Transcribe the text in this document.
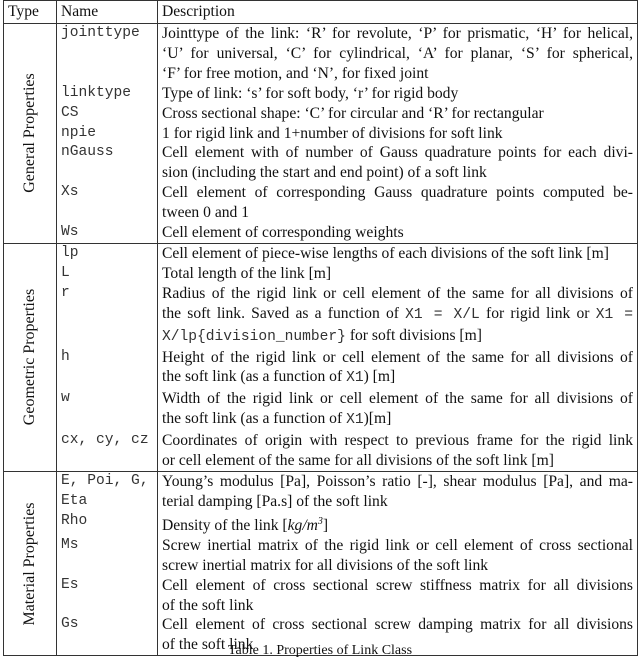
Type	Name	Description

General Properties	jointtype	Jointtype of the link: ‘R’ for revolute, ‘P’ for prismatic, ‘H’ for helical,
‘U’ for universal, ‘C’ for cylindrical, ‘A’ for planar, ‘S’ for spherical,
‘F’ for free motion, and ‘N’, for fixed joint

	linktype	Type of link: ‘s’ for soft body, ‘r’ for rigid body

	CS	Cross sectional shape: ‘C’ for circular and ‘R’ for rectangular

	npie	1 for rigid link and 1+number of divisions for soft link

	nGauss	Cell element with of number of Gauss quadrature points for each divi-
sion (including the start and end point) of a soft link

	Xs	Cell element of corresponding Gauss quadrature points computed be-
tween 0 and 1

	Ws	Cell element of corresponding weights

Geometric Properties	lp	Cell element of piece-wise lengths of each divisions of the soft link [m]

	L	Total length of the link [m]

	r	Radius of the rigid link or cell element of the same for all divisions of
the soft link. Saved as a function of X1 = X/L for rigid link or X1 =
X/lp{division_number} for soft divisions [m]

	h	Height of the rigid link or cell element of the same for all divisions of
the soft link (as a function of X1) [m]

	w	Width of the rigid link or cell element of the same for all divisions of
the soft link (as a function of X1)[m]

	cx, cy, cz	Coordinates of origin with respect to previous frame for the rigid link
or cell element of the same for all divisions of the soft link [m]

Material Properties	E, Poi, G,
Eta	Young’s modulus [Pa], Poisson’s ratio [-], shear modulus [Pa], and ma-
terial damping [Pa.s] of the soft link

	Rho	Density of the link $[kg/m^3]$

	Ms	Screw inertial matrix of the rigid link or cell element of cross sectional
screw inertial matrix for all divisions of the soft link

	Es	Cell element of cross sectional screw stiffness matrix for all divisions
of the soft link

	Gs	Cell element of cross sectional screw damping matrix for all divisions
of the soft link
Table 1. Properties of Link Class
